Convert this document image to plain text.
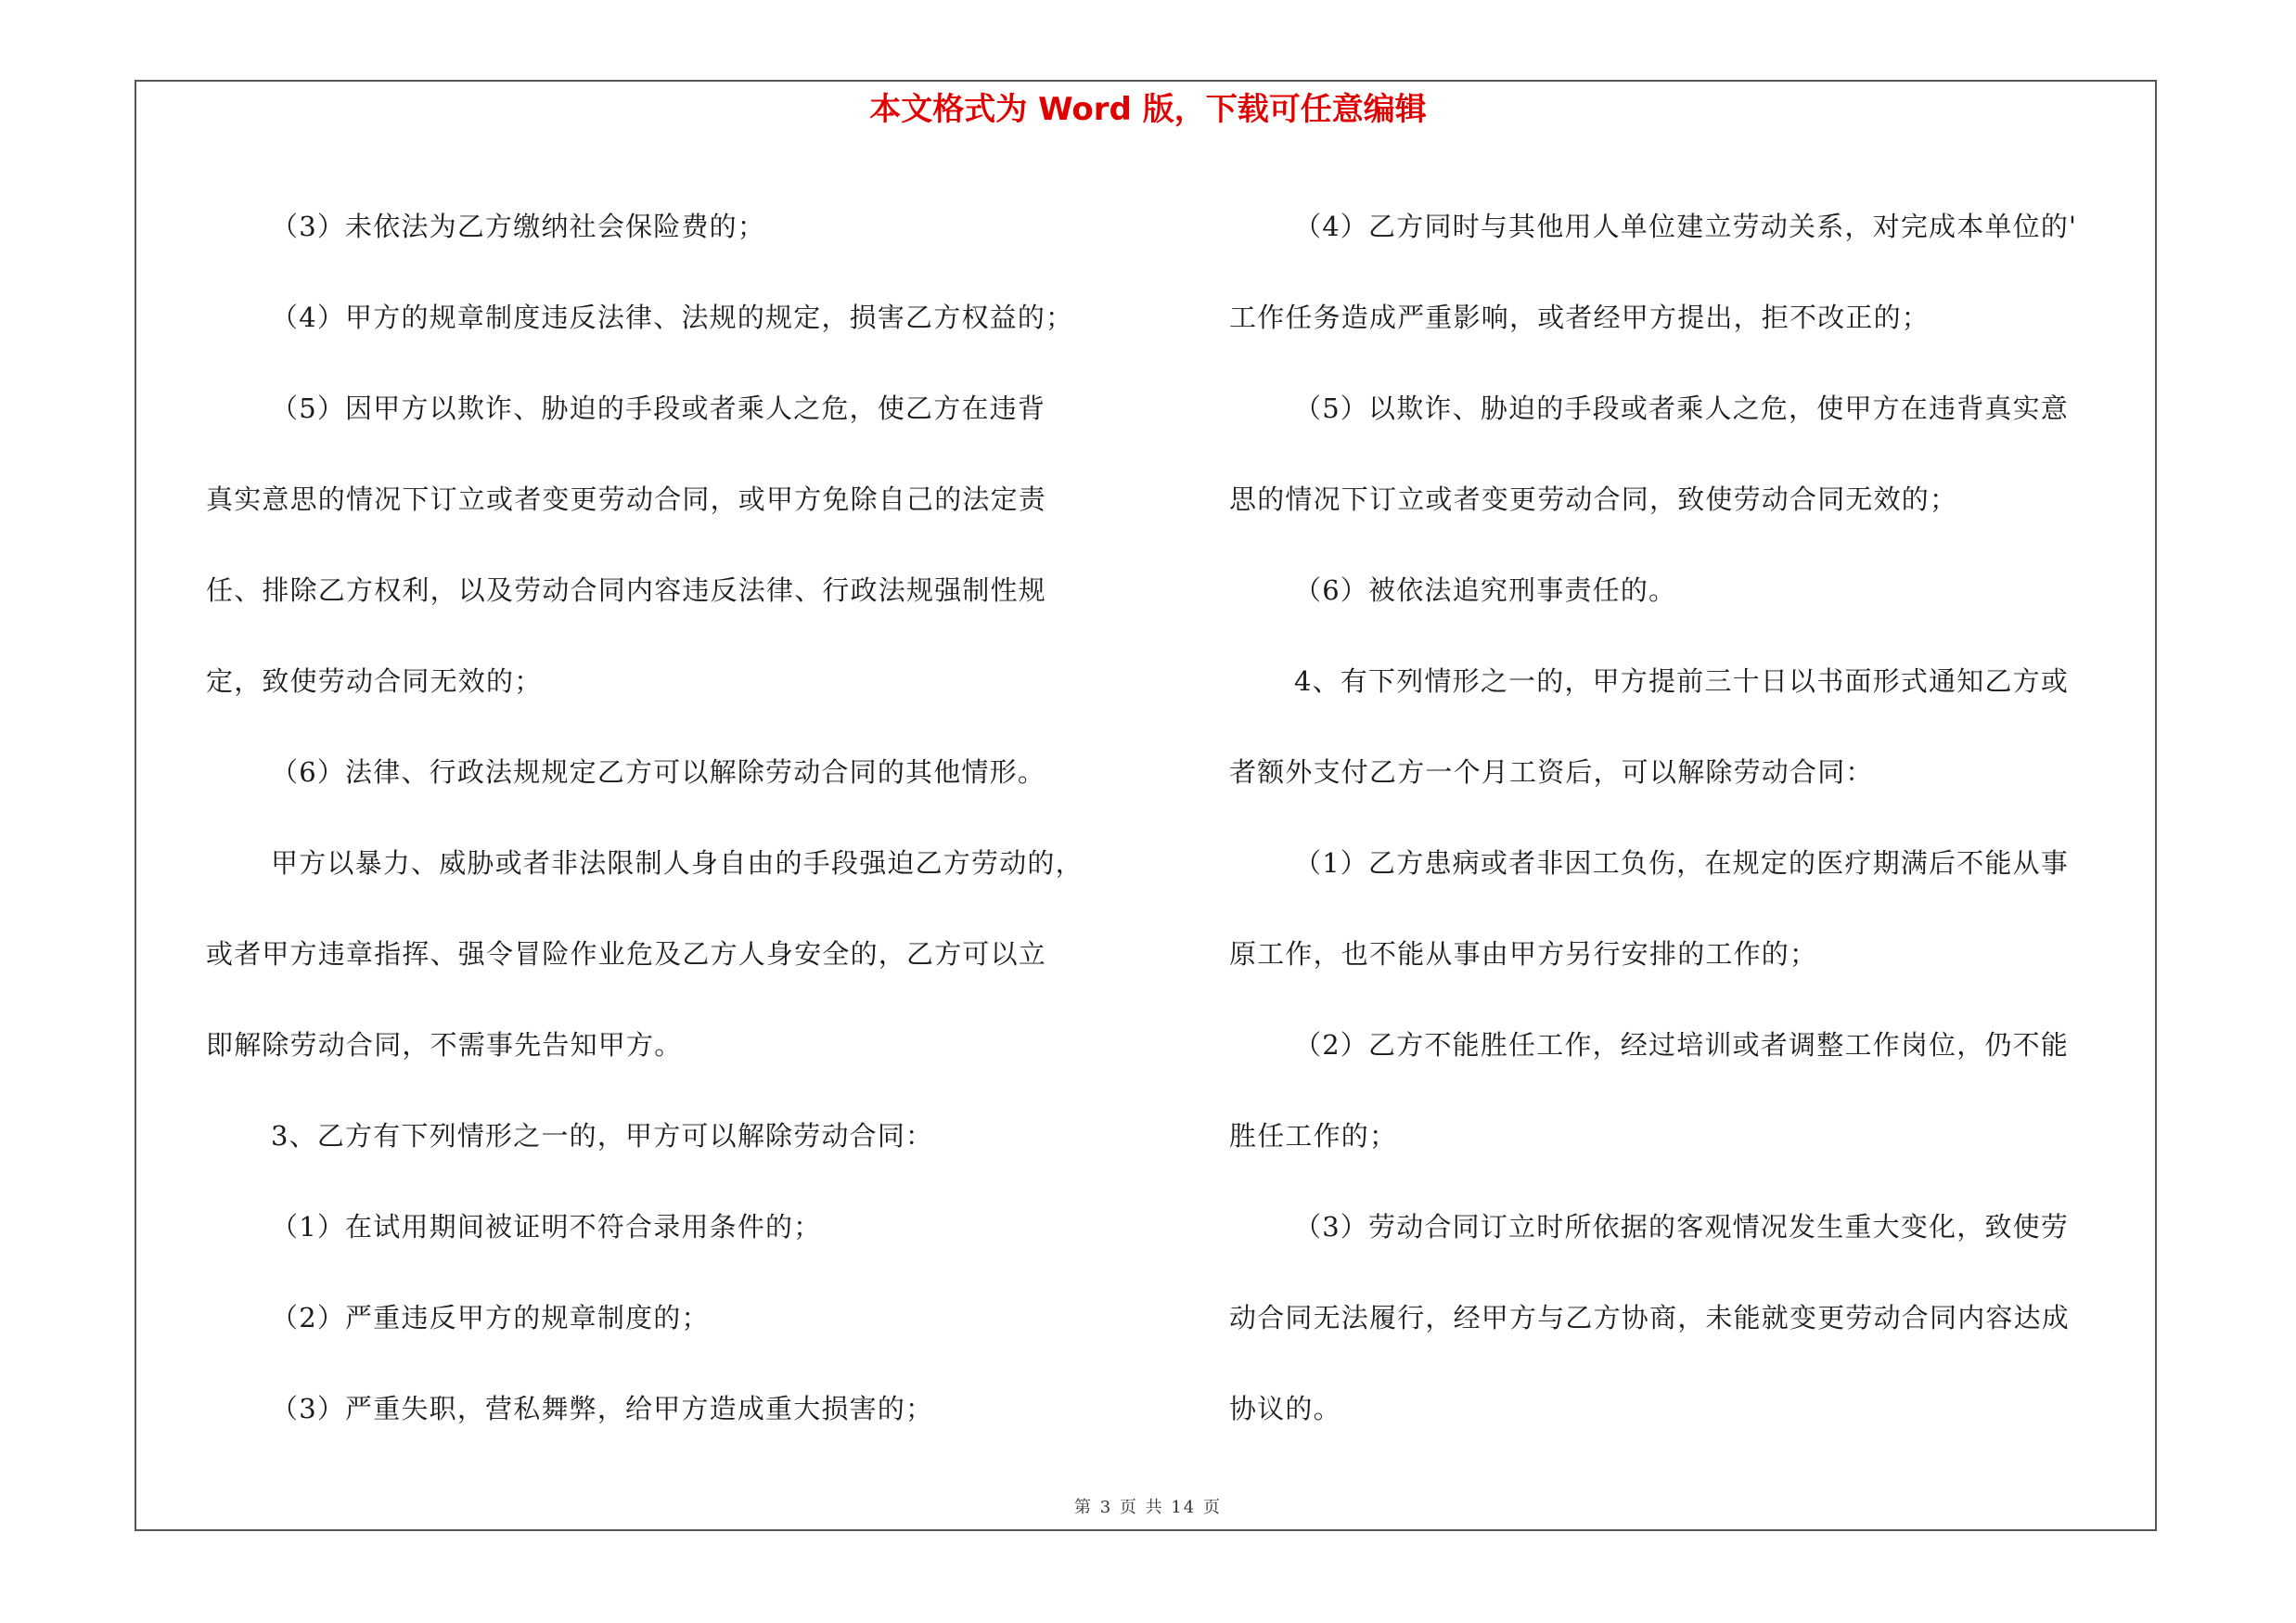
本文格式为 Word 版，下载可任意编辑

（3）未依法为乙方缴纳社会保险费的；

（4）甲方的规章制度违反法律、法规的规定，损害乙方权益的；

（5）因甲方以欺诈、胁迫的手段或者乘人之危，使乙方在违背

真实意思的情况下订立或者变更劳动合同，或甲方免除自己的法定责

任、排除乙方权利，以及劳动合同内容违反法律、行政法规强制性规

定，致使劳动合同无效的；

（6）法律、行政法规规定乙方可以解除劳动合同的其他情形。

甲方以暴力、威胁或者非法限制人身自由的手段强迫乙方劳动的，

或者甲方违章指挥、强令冒险作业危及乙方人身安全的，乙方可以立

即解除劳动合同，不需事先告知甲方。

3、乙方有下列情形之一的，甲方可以解除劳动合同：

（1）在试用期间被证明不符合录用条件的；

（2）严重违反甲方的规章制度的；

（3）严重失职，营私舞弊，给甲方造成重大损害的；

（4）乙方同时与其他用人单位建立劳动关系，对完成本单位的'

工作任务造成严重影响，或者经甲方提出，拒不改正的；

（5）以欺诈、胁迫的手段或者乘人之危，使甲方在违背真实意

思的情况下订立或者变更劳动合同，致使劳动合同无效的；

（6）被依法追究刑事责任的。

4、有下列情形之一的，甲方提前三十日以书面形式通知乙方或

者额外支付乙方一个月工资后，可以解除劳动合同：

（1）乙方患病或者非因工负伤，在规定的医疗期满后不能从事

原工作，也不能从事由甲方另行安排的工作的；

（2）乙方不能胜任工作，经过培训或者调整工作岗位，仍不能

胜任工作的；

（3）劳动合同订立时所依据的客观情况发生重大变化，致使劳

动合同无法履行，经甲方与乙方协商，未能就变更劳动合同内容达成

协议的。

第 3 页 共 14 页
